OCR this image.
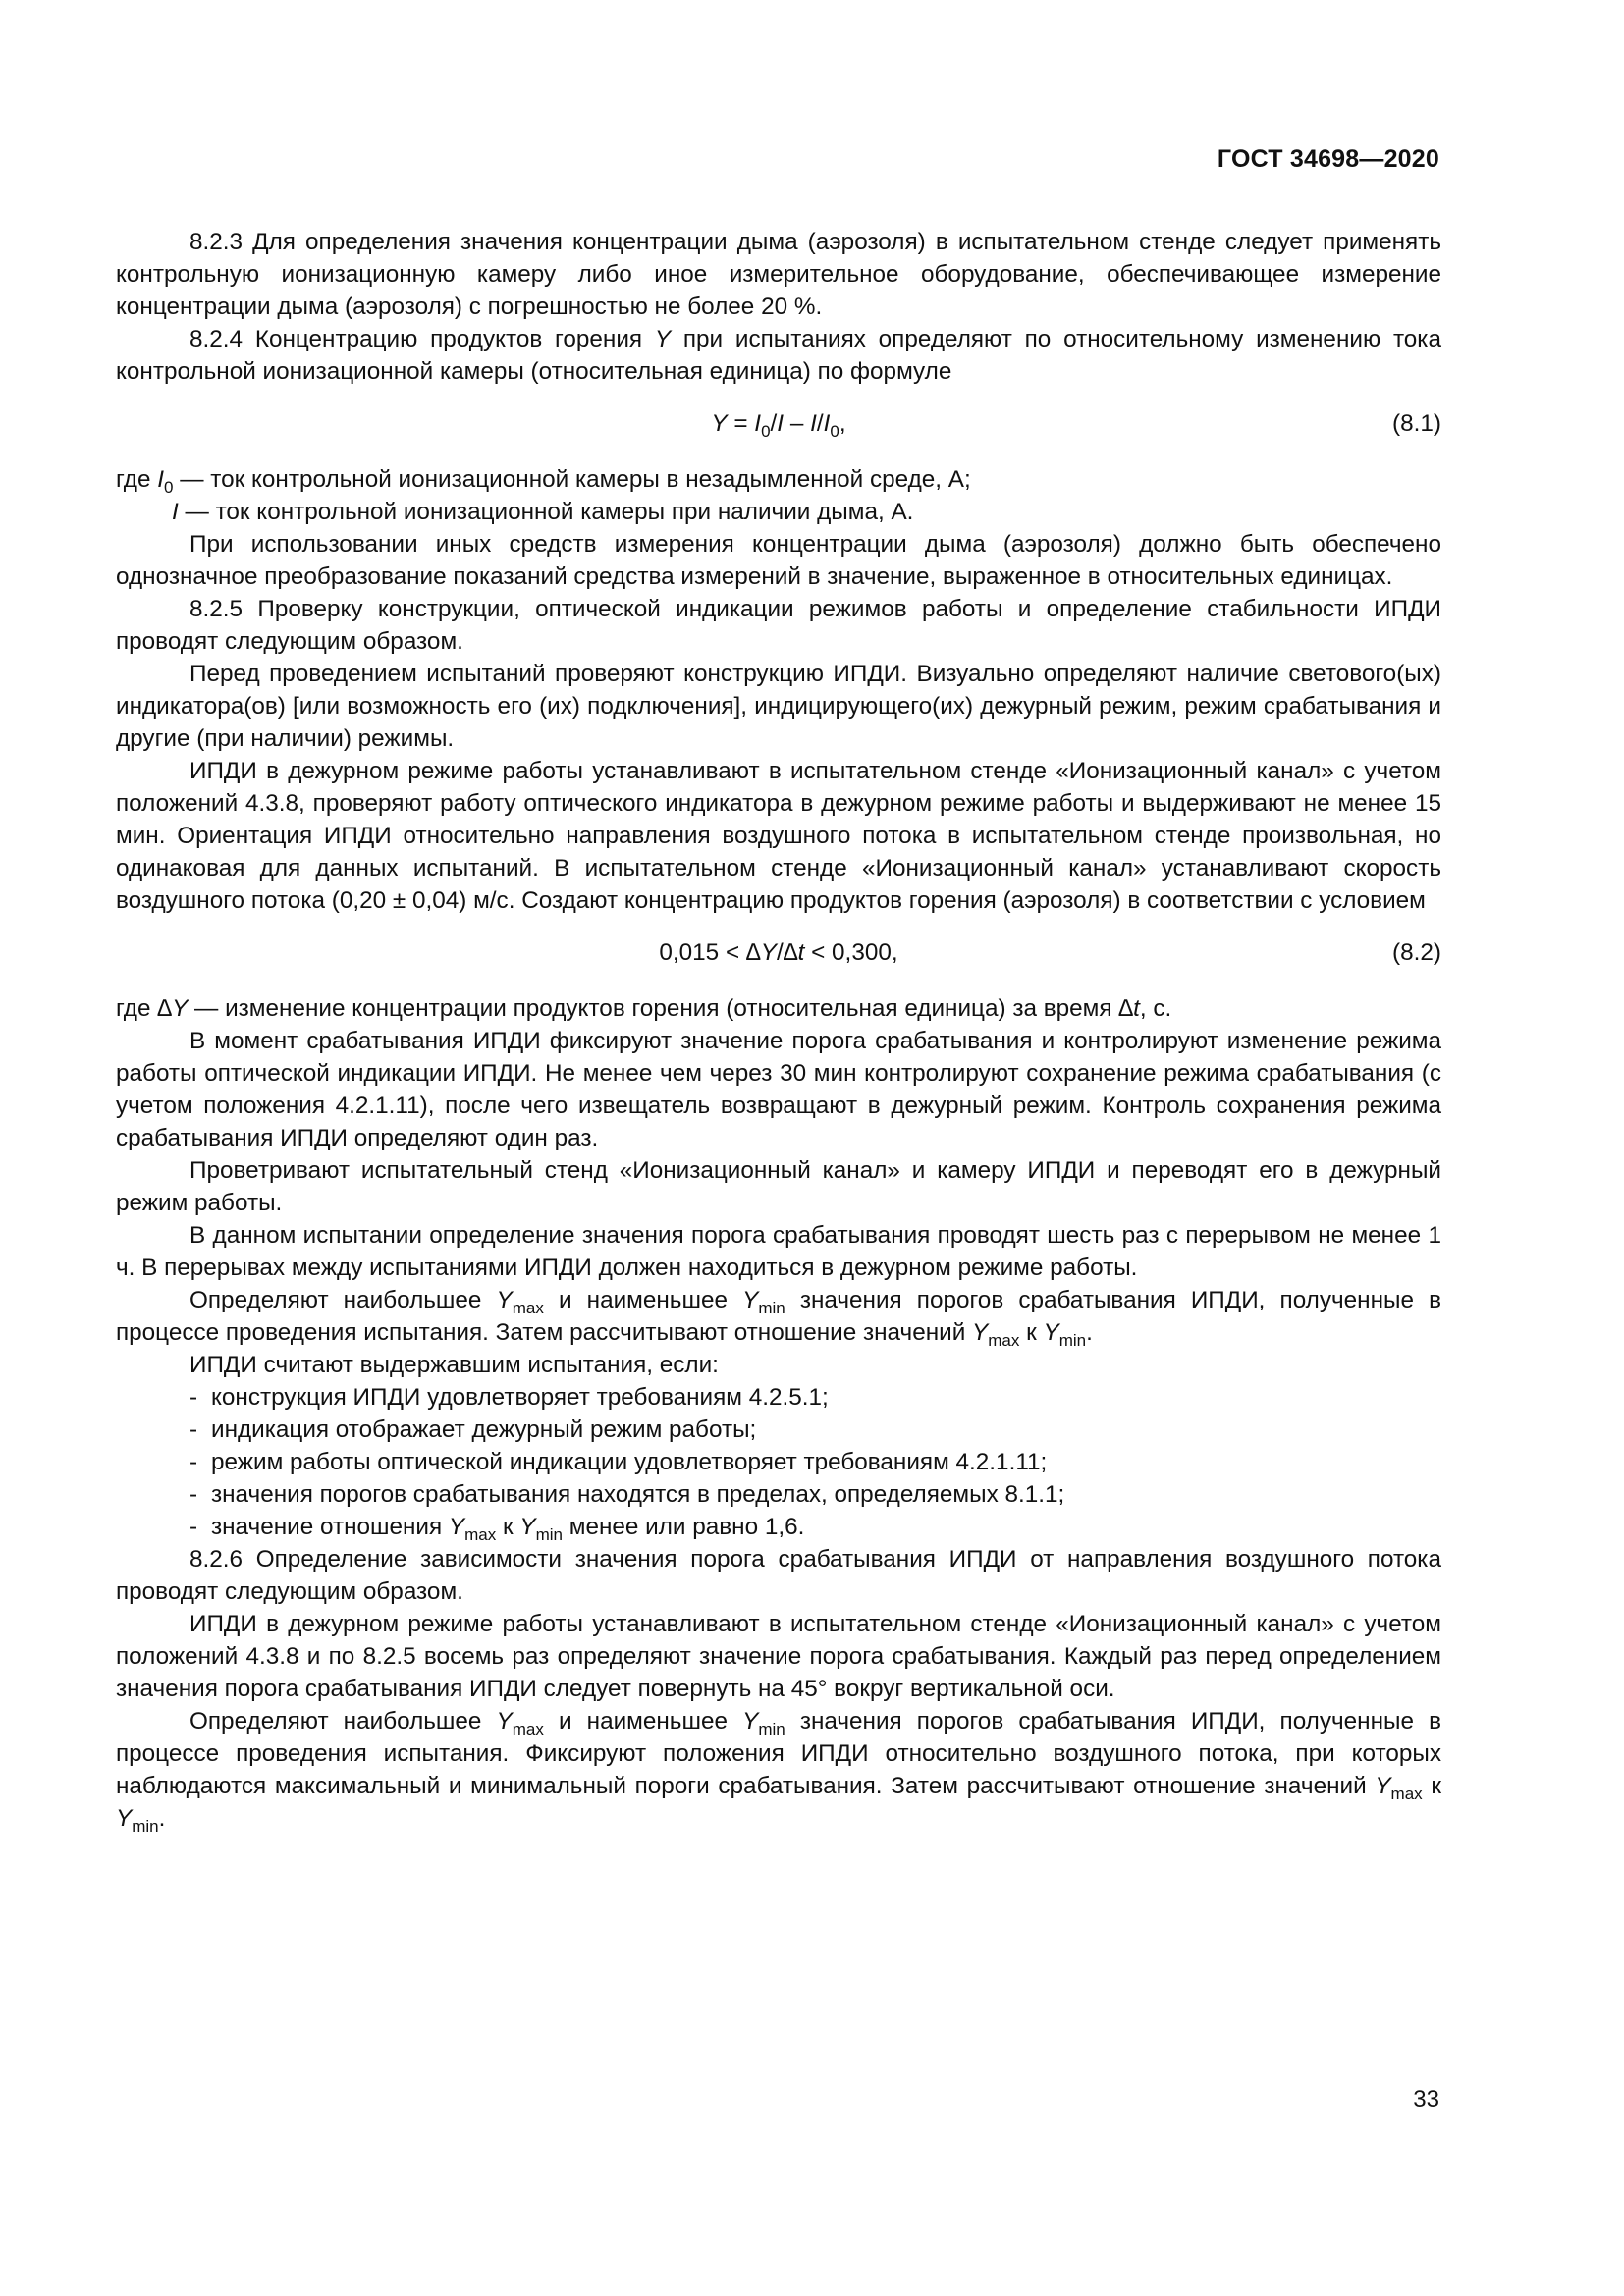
ГОСТ 34698—2020

8.2.3 Для определения значения концентрации дыма (аэрозоля) в испытательном стенде следует применять контрольную ионизационную камеру либо иное измерительное оборудование, обеспечивающее измерение концентрации дыма (аэрозоля) с погрешностью не более 20 %.

8.2.4 Концентрацию продуктов горения Y при испытаниях определяют по относительному изменению тока контрольной ионизационной камеры (относительная единица) по формуле

$Y = I_0/I - I/I_0$,	(8.1)
где $I_0$ — ток контрольной ионизационной камеры в незадымленной среде, А;
I — ток контрольной ионизационной камеры при наличии дыма, А.

При использовании иных средств измерения концентрации дыма (аэрозоля) должно быть обеспечено однозначное преобразование показаний средства измерений в значение, выраженное в относительных единицах.

8.2.5 Проверку конструкции, оптической индикации режимов работы и определение стабильности ИПДИ проводят следующим образом.

Перед проведением испытаний проверяют конструкцию ИПДИ. Визуально определяют наличие светового(ых) индикатора(ов) [или возможность его (их) подключения], индицирующего(их) дежурный режим, режим срабатывания и другие (при наличии) режимы.

ИПДИ в дежурном режиме работы устанавливают в испытательном стенде «Ионизационный канал» с учетом положений 4.3.8, проверяют работу оптического индикатора в дежурном режиме работы и выдерживают не менее 15 мин. Ориентация ИПДИ относительно направления воздушного потока в испытательном стенде произвольная, но одинаковая для данных испытаний. В испытательном стенде «Ионизационный канал» устанавливают скорость воздушного потока (0,20 ± 0,04) м/с. Создают концентрацию продуктов горения (аэрозоля) в соответствии с условием

0,015 < ∆Y/∆t < 0,300,	(8.2)
где ∆Y — изменение концентрации продуктов горения (относительная единица) за время ∆t, с.

В момент срабатывания ИПДИ фиксируют значение порога срабатывания и контролируют изменение режима работы оптической индикации ИПДИ. Не менее чем через 30 мин контролируют сохранение режима срабатывания (с учетом положения 4.2.1.11), после чего извещатель возвращают в дежурный режим. Контроль сохранения режима срабатывания ИПДИ определяют один раз.

Проветривают испытательный стенд «Ионизационный канал» и камеру ИПДИ и переводят его в дежурный режим работы.

В данном испытании определение значения порога срабатывания проводят шесть раз с перерывом не менее 1 ч. В перерывах между испытаниями ИПДИ должен находиться в дежурном режиме работы.

Определяют наибольшее $Y_{max}$ и наименьшее $Y_{min}$ значения порогов срабатывания ИПДИ, полученные в процессе проведения испытания. Затем рассчитывают отношение значений $Y_{max}$ к $Y_{min}$.

ИПДИ считают выдержавшим испытания, если:

- конструкция ИПДИ удовлетворяет требованиям 4.2.5.1;
- индикация отображает дежурный режим работы;
- режим работы оптической индикации удовлетворяет требованиям 4.2.1.11;
- значения порогов срабатывания находятся в пределах, определяемых 8.1.1;
- значение отношения $Y_{max}$ к $Y_{min}$ менее или равно 1,6.

8.2.6 Определение зависимости значения порога срабатывания ИПДИ от направления воздушного потока проводят следующим образом.

ИПДИ в дежурном режиме работы устанавливают в испытательном стенде «Ионизационный канал» с учетом положений 4.3.8 и по 8.2.5 восемь раз определяют значение порога срабатывания. Каждый раз перед определением значения порога срабатывания ИПДИ следует повернуть на 45° вокруг вертикальной оси.

Определяют наибольшее $Y_{max}$ и наименьшее $Y_{min}$ значения порогов срабатывания ИПДИ, полученные в процессе проведения испытания. Фиксируют положения ИПДИ относительно воздушного потока, при которых наблюдаются максимальный и минимальный пороги срабатывания. Затем рассчитывают отношение значений $Y_{max}$ к $Y_{min}$.

33
